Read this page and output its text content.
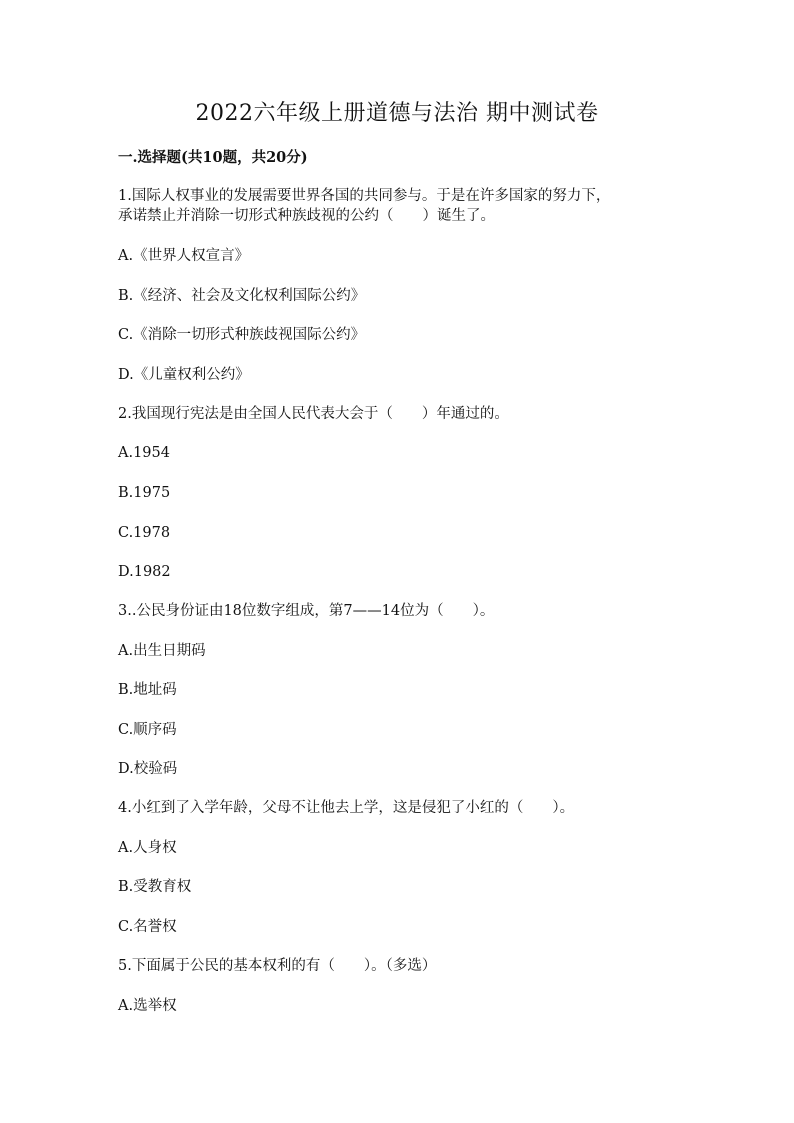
2022六年级上册道德与法治 期中测试卷
一.选择题(共10题，共20分)
1.国际人权事业的发展需要世界各国的共同参与。于是在许多国家的努力下，
承诺禁止并消除一切形式种族歧视的公约（　　）诞生了。
A.《世界人权宣言》
B.《经济、社会及文化权利国际公约》
C.《消除一切形式种族歧视国际公约》
D.《儿童权利公约》
2.我国现行宪法是由全国人民代表大会于（　　）年通过的。
A.1954
B.1975
C.1978
D.1982
3..公民身份证由18位数字组成，第7——14位为（　　）。
A.出生日期码
B.地址码
C.顺序码
D.校验码
4.小红到了入学年龄，父母不让他去上学，这是侵犯了小红的（　　）。
A.人身权
B.受教育权
C.名誉权
5.下面属于公民的基本权利的有（　　）。（多选）
A.选举权
